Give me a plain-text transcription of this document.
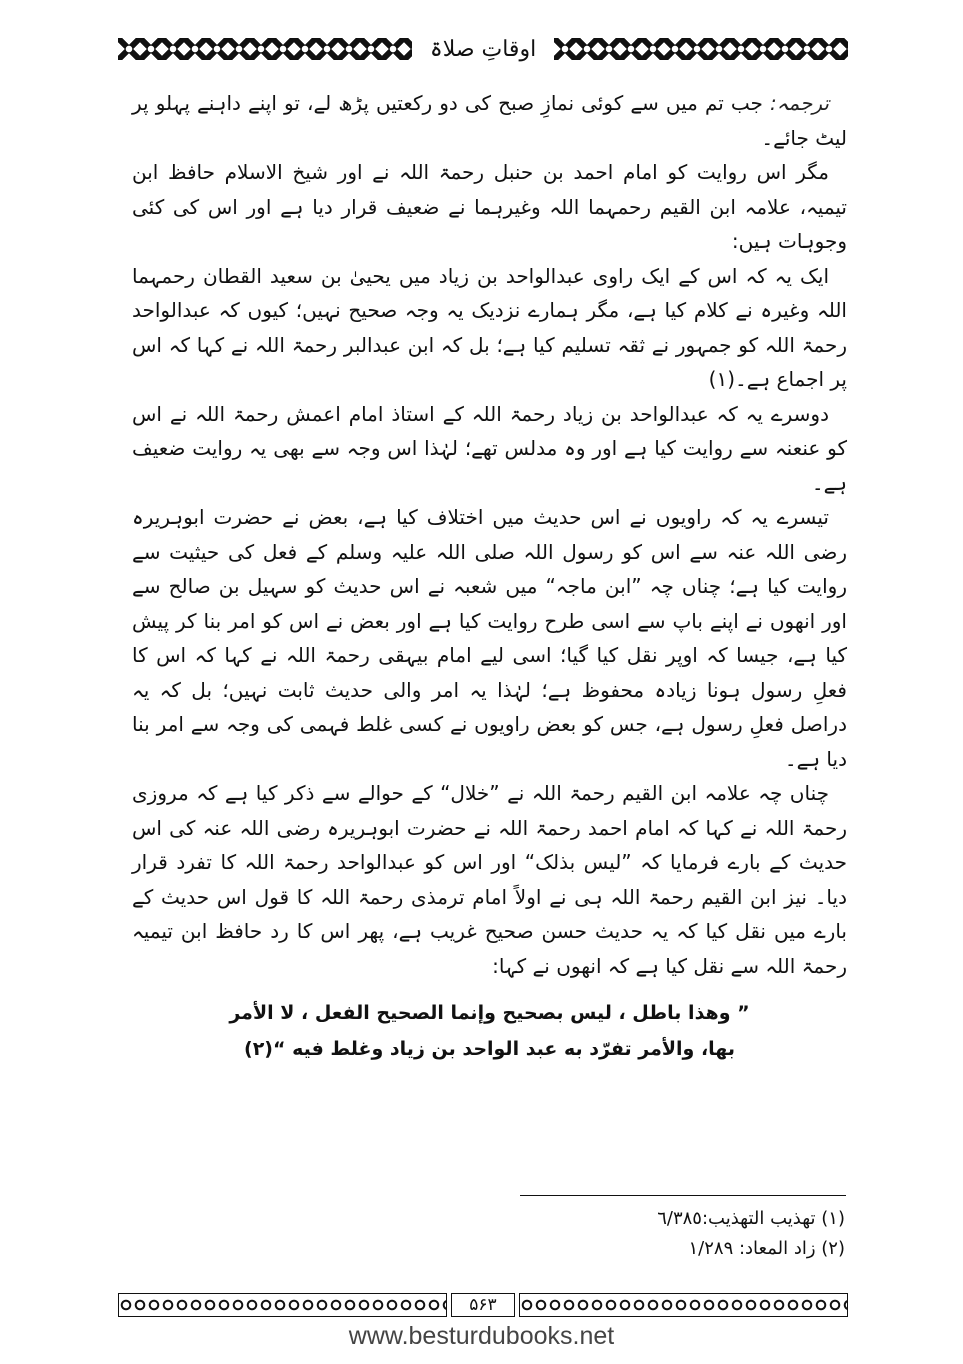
اوقاتِ صلاۃ

ترجمہ: جب تم میں سے کوئی نمازِ صبح کی دو رکعتیں پڑھ لے، تو اپنے داہنے پہلو پر لیٹ جائے۔

مگر اس روایت کو امام احمد بن حنبل رحمۃ اللہ نے اور شیخ الاسلام حافظ ابن تیمیہ، علامہ ابن القیم رحمہما اللہ وغیرہما نے ضعیف قرار دیا ہے اور اس کی کئی وجوہات ہیں:

ایک یہ کہ اس کے ایک راوی عبدالواحد بن زیاد میں یحییٰ بن سعید القطان رحمہما اللہ وغیرہ نے کلام کیا ہے، مگر ہمارے نزدیک یہ وجہ صحیح نہیں؛ کیوں کہ عبدالواحد رحمۃ اللہ کو جمہور نے ثقہ تسلیم کیا ہے؛ بل کہ ابن عبدالبر رحمۃ اللہ نے کہا کہ اس پر اجماع ہے۔(۱)

دوسرے یہ کہ عبدالواحد بن زیاد رحمۃ اللہ کے استاذ امام اعمش رحمۃ اللہ نے اس کو عنعنہ سے روایت کیا ہے اور وہ مدلس تھے؛ لہٰذا اس وجہ سے بھی یہ روایت ضعیف ہے۔

تیسرے یہ کہ راویوں نے اس حدیث میں اختلاف کیا ہے، بعض نے حضرت ابوہریرہ رضی اللہ عنہ سے اس کو رسول اللہ صلی اللہ علیہ وسلم کے فعل کی حیثیت سے روایت کیا ہے؛ چناں چہ ”ابن ماجہ“ میں شعبہ نے اس حدیث کو سہیل بن صالح سے اور انھوں نے اپنے باپ سے اسی طرح روایت کیا ہے اور بعض نے اس کو امر بنا کر پیش کیا ہے، جیسا کہ اوپر نقل کیا گیا؛ اسی لیے امام بیہقی رحمۃ اللہ نے کہا کہ اس کا فعلِ رسول ہونا زیادہ محفوظ ہے؛ لہٰذا یہ امر والی حدیث ثابت نہیں؛ بل کہ یہ دراصل فعلِ رسول ہے، جس کو بعض راویوں نے کسی غلط فہمی کی وجہ سے امر بنا دیا ہے۔

چناں چہ علامہ ابن القیم رحمۃ اللہ نے ”خلال“ کے حوالے سے ذکر کیا ہے کہ مروزی رحمۃ اللہ نے کہا کہ امام احمد رحمۃ اللہ نے حضرت ابوہریرہ رضی اللہ عنہ کی اس حدیث کے بارے فرمایا کہ ”لیس بذلک“ اور اس کو عبدالواحد رحمۃ اللہ کا تفرد قرار دیا۔ نیز ابن القیم رحمۃ اللہ ہی نے اولاً امام ترمذی رحمۃ اللہ کا قول اس حدیث کے بارے میں نقل کیا کہ یہ حدیث حسن صحیح غریب ہے، پھر اس کا رد حافظ ابن تیمیہ رحمۃ اللہ سے نقل کیا ہے کہ انھوں نے کہا:

” وهذا باطل ، ليس بصحيح وإنما الصحيح الفعل ، لا الأمر
بها، والأمر تفرّد به عبد الواحد بن زياد وغلط فيه “(۲)
(۱) تهذيب التهذيب:٦/٣٨٥
(۲) زاد المعاد: ١/٢٨٩
۵۶۳
www.besturdubooks.net
